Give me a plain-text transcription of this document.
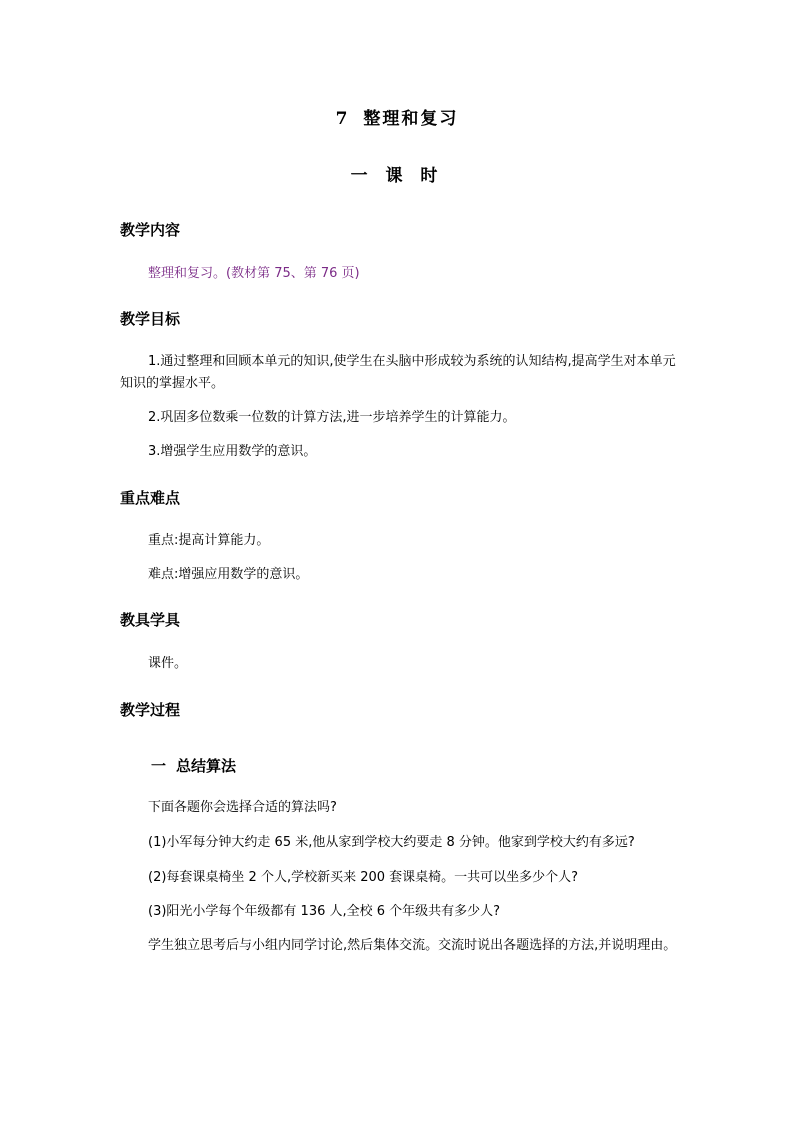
7 整理和复习
一 课 时
教学内容
整理和复习。(教材第 75、第 76 页)
教学目标
1.通过整理和回顾本单元的知识,使学生在头脑中形成较为系统的认知结构,提高学生对本单元知识的掌握水平。
2.巩固多位数乘一位数的计算方法,进一步培养学生的计算能力。
3.增强学生应用数学的意识。
重点难点
重点:提高计算能力。
难点:增强应用数学的意识。
教具学具
课件。
教学过程
一 总结算法
下面各题你会选择合适的算法吗?
(1)小军每分钟大约走 65 米,他从家到学校大约要走 8 分钟。他家到学校大约有多远?
(2)每套课桌椅坐 2 个人,学校新买来 200 套课桌椅。一共可以坐多少个人?
(3)阳光小学每个年级都有 136 人,全校 6 个年级共有多少人?
学生独立思考后与小组内同学讨论,然后集体交流。交流时说出各题选择的方法,并说明理由。
